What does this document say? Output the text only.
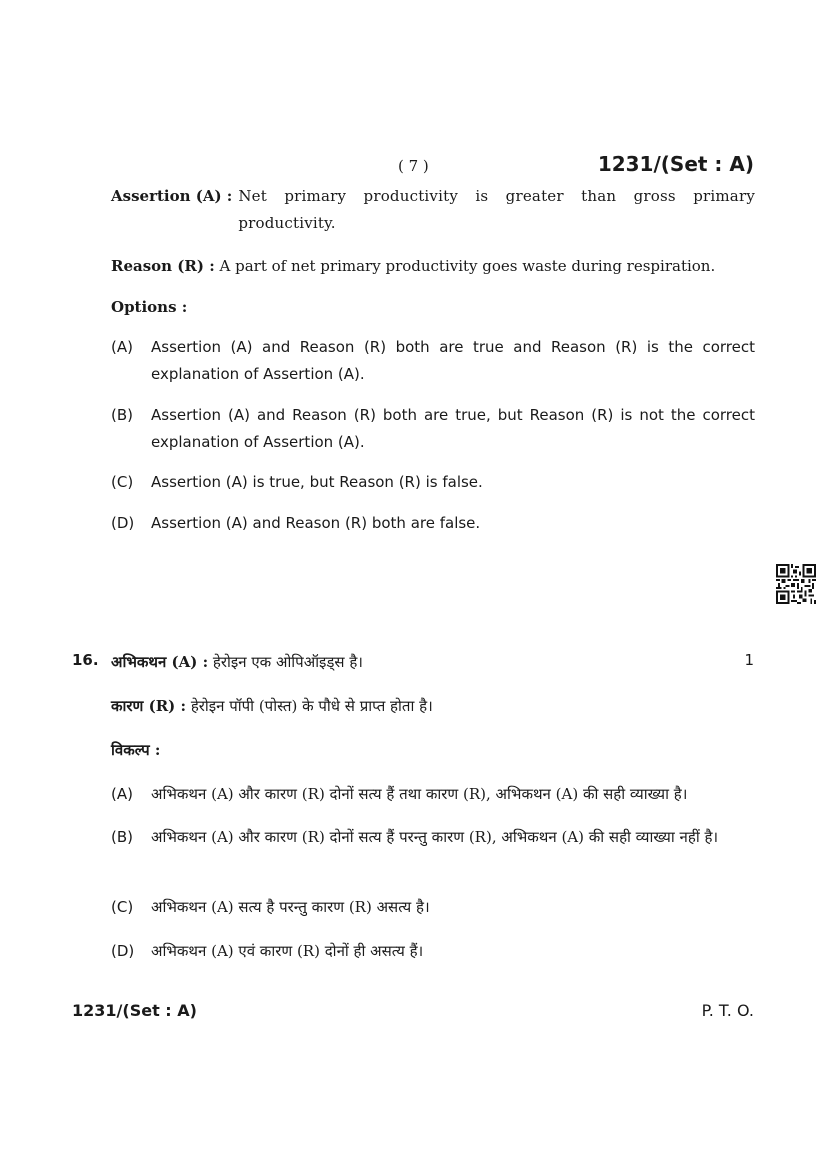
( 7 )	1231/(Set : A)
Assertion (A) : Net primary productivity is greater than gross primary productivity.
Reason (R) : A part of net primary productivity goes waste during respiration.
Options :
(A)	Assertion (A) and Reason (R) both are true and Reason (R) is the correct explanation of Assertion (A).
(B)	Assertion (A) and Reason (R) both are true, but Reason (R) is not the correct explanation of Assertion (A).
(C)	Assertion (A) is true, but Reason (R) is false.
(D)	Assertion (A) and Reason (R) both are false.
16. अभिकथन (A) : हेरोइन एक ओपिऑइड्स है।	1
कारण (R) : हेरोइन पॉपी (पोस्त) के पौधे से प्राप्त होता है।
विकल्प :
(A)	अभिकथन (A) और कारण (R) दोनों सत्य हैं तथा कारण (R), अभिकथन (A) की सही व्याख्या है।
(B)	अभिकथन (A) और कारण (R) दोनों सत्य हैं परन्तु कारण (R), अभिकथन (A) की सही व्याख्या नहीं है।
(C)	अभिकथन (A) सत्य है परन्तु कारण (R) असत्य है।
(D)	अभिकथन (A) एवं कारण (R) दोनों ही असत्य हैं।
1231/(Set : A)	P. T. O.
